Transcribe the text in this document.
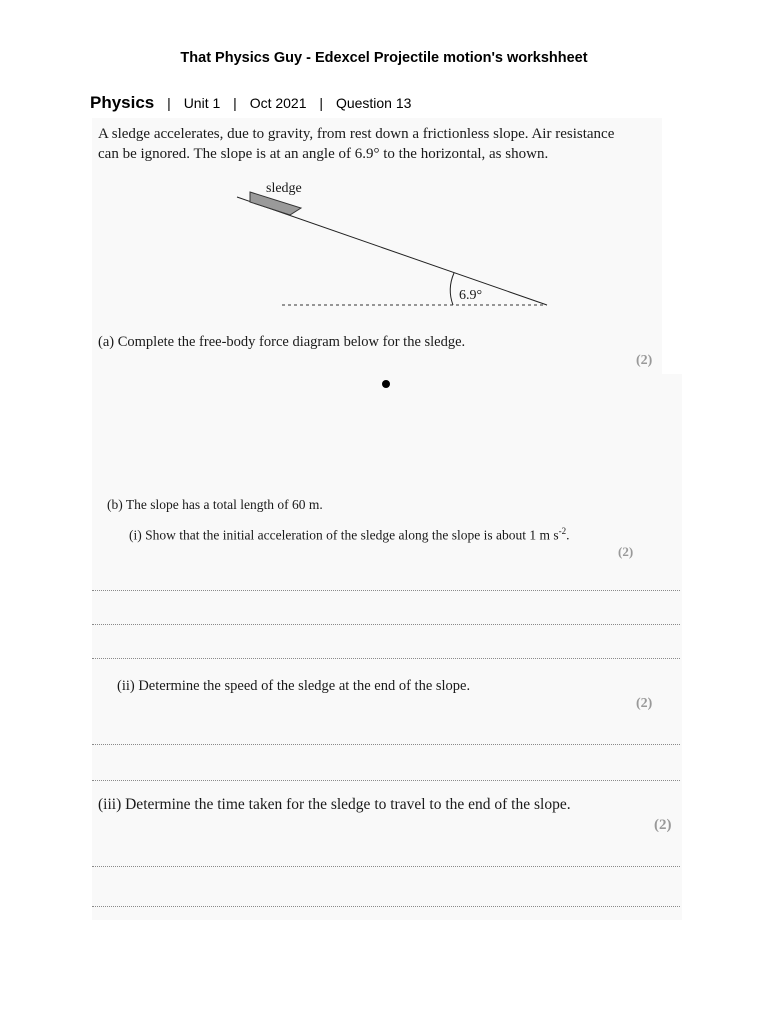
That Physics Guy - Edexcel Projectile motion's workshheet
Physics | Unit 1 | Oct 2021 | Question 13
A sledge accelerates, due to gravity, from rest down a frictionless slope. Air resistance
can be ignored. The slope is at an angle of 6.9° to the horizontal, as shown.
sledge
6.9°
(a) Complete the free-body force diagram below for the sledge.
(2)
(b) The slope has a total length of 60 m.
(i) Show that the initial acceleration of the sledge along the slope is about 1 m $s^{-2}$.
(2)
(ii) Determine the speed of the sledge at the end of the slope.
(2)
(iii) Determine the time taken for the sledge to travel to the end of the slope.
(2)
